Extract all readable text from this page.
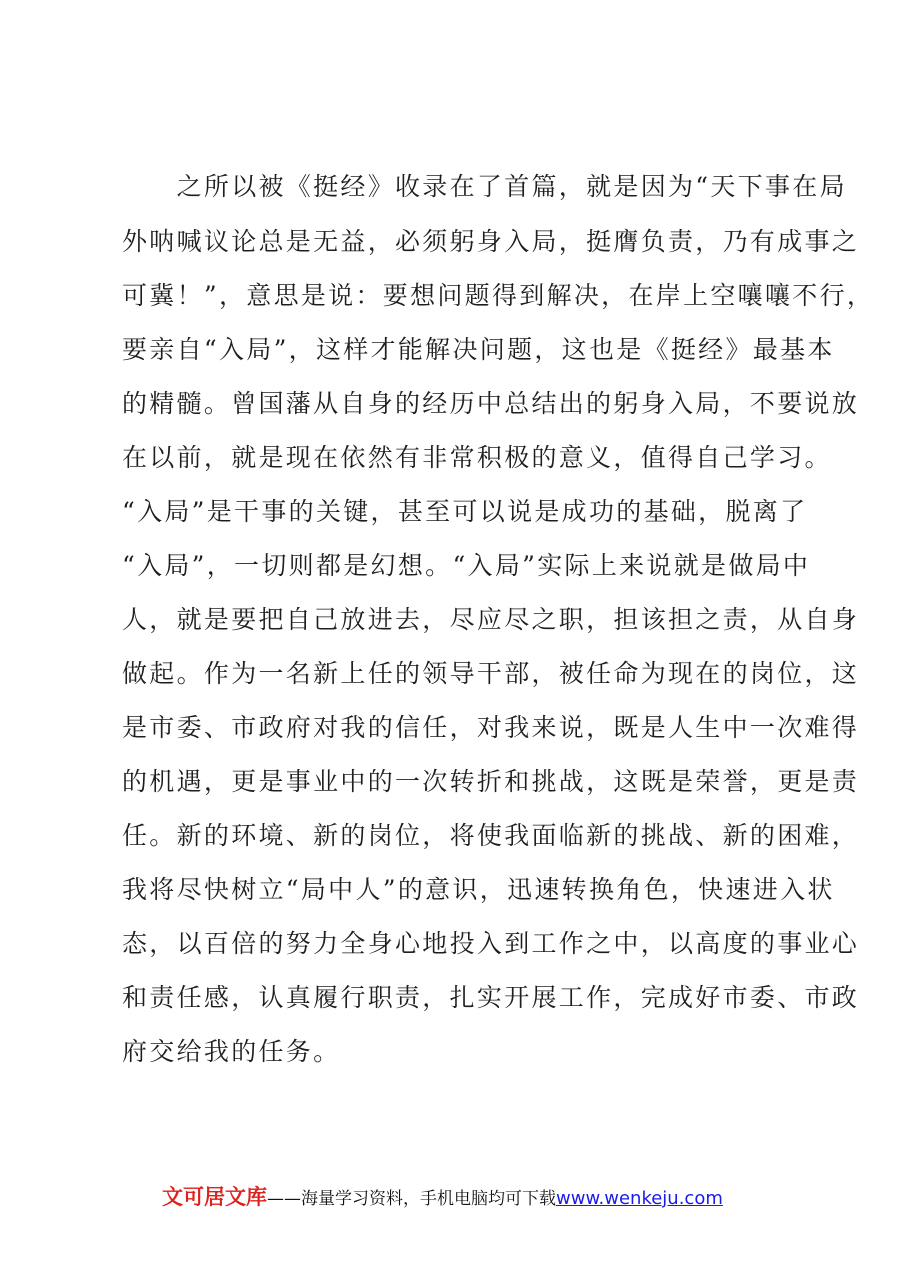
　　之所以被《挺经》收录在了首篇，就是因为“天下事在局
外呐喊议论总是无益，必须躬身入局，挺膺负责，乃有成事之
可冀！”，意思是说：要想问题得到解决，在岸上空嚷嚷不行，
要亲自“入局”，这样才能解决问题，这也是《挺经》最基本
的精髓。曾国藩从自身的经历中总结出的躬身入局，不要说放
在以前，就是现在依然有非常积极的意义，值得自己学习。
“入局”是干事的关键，甚至可以说是成功的基础，脱离了
“入局”，一切则都是幻想。“入局”实际上来说就是做局中
人，就是要把自己放进去，尽应尽之职，担该担之责，从自身
做起。作为一名新上任的领导干部，被任命为现在的岗位，这
是市委、市政府对我的信任，对我来说，既是人生中一次难得
的机遇，更是事业中的一次转折和挑战，这既是荣誉，更是责
任。新的环境、新的岗位，将使我面临新的挑战、新的困难，
我将尽快树立“局中人”的意识，迅速转换角色，快速进入状
态，以百倍的努力全身心地投入到工作之中，以高度的事业心
和责任感，认真履行职责，扎实开展工作，完成好市委、市政
府交给我的任务。
文可居文库——海量学习资料，手机电脑均可下载www.wenkeju.com
